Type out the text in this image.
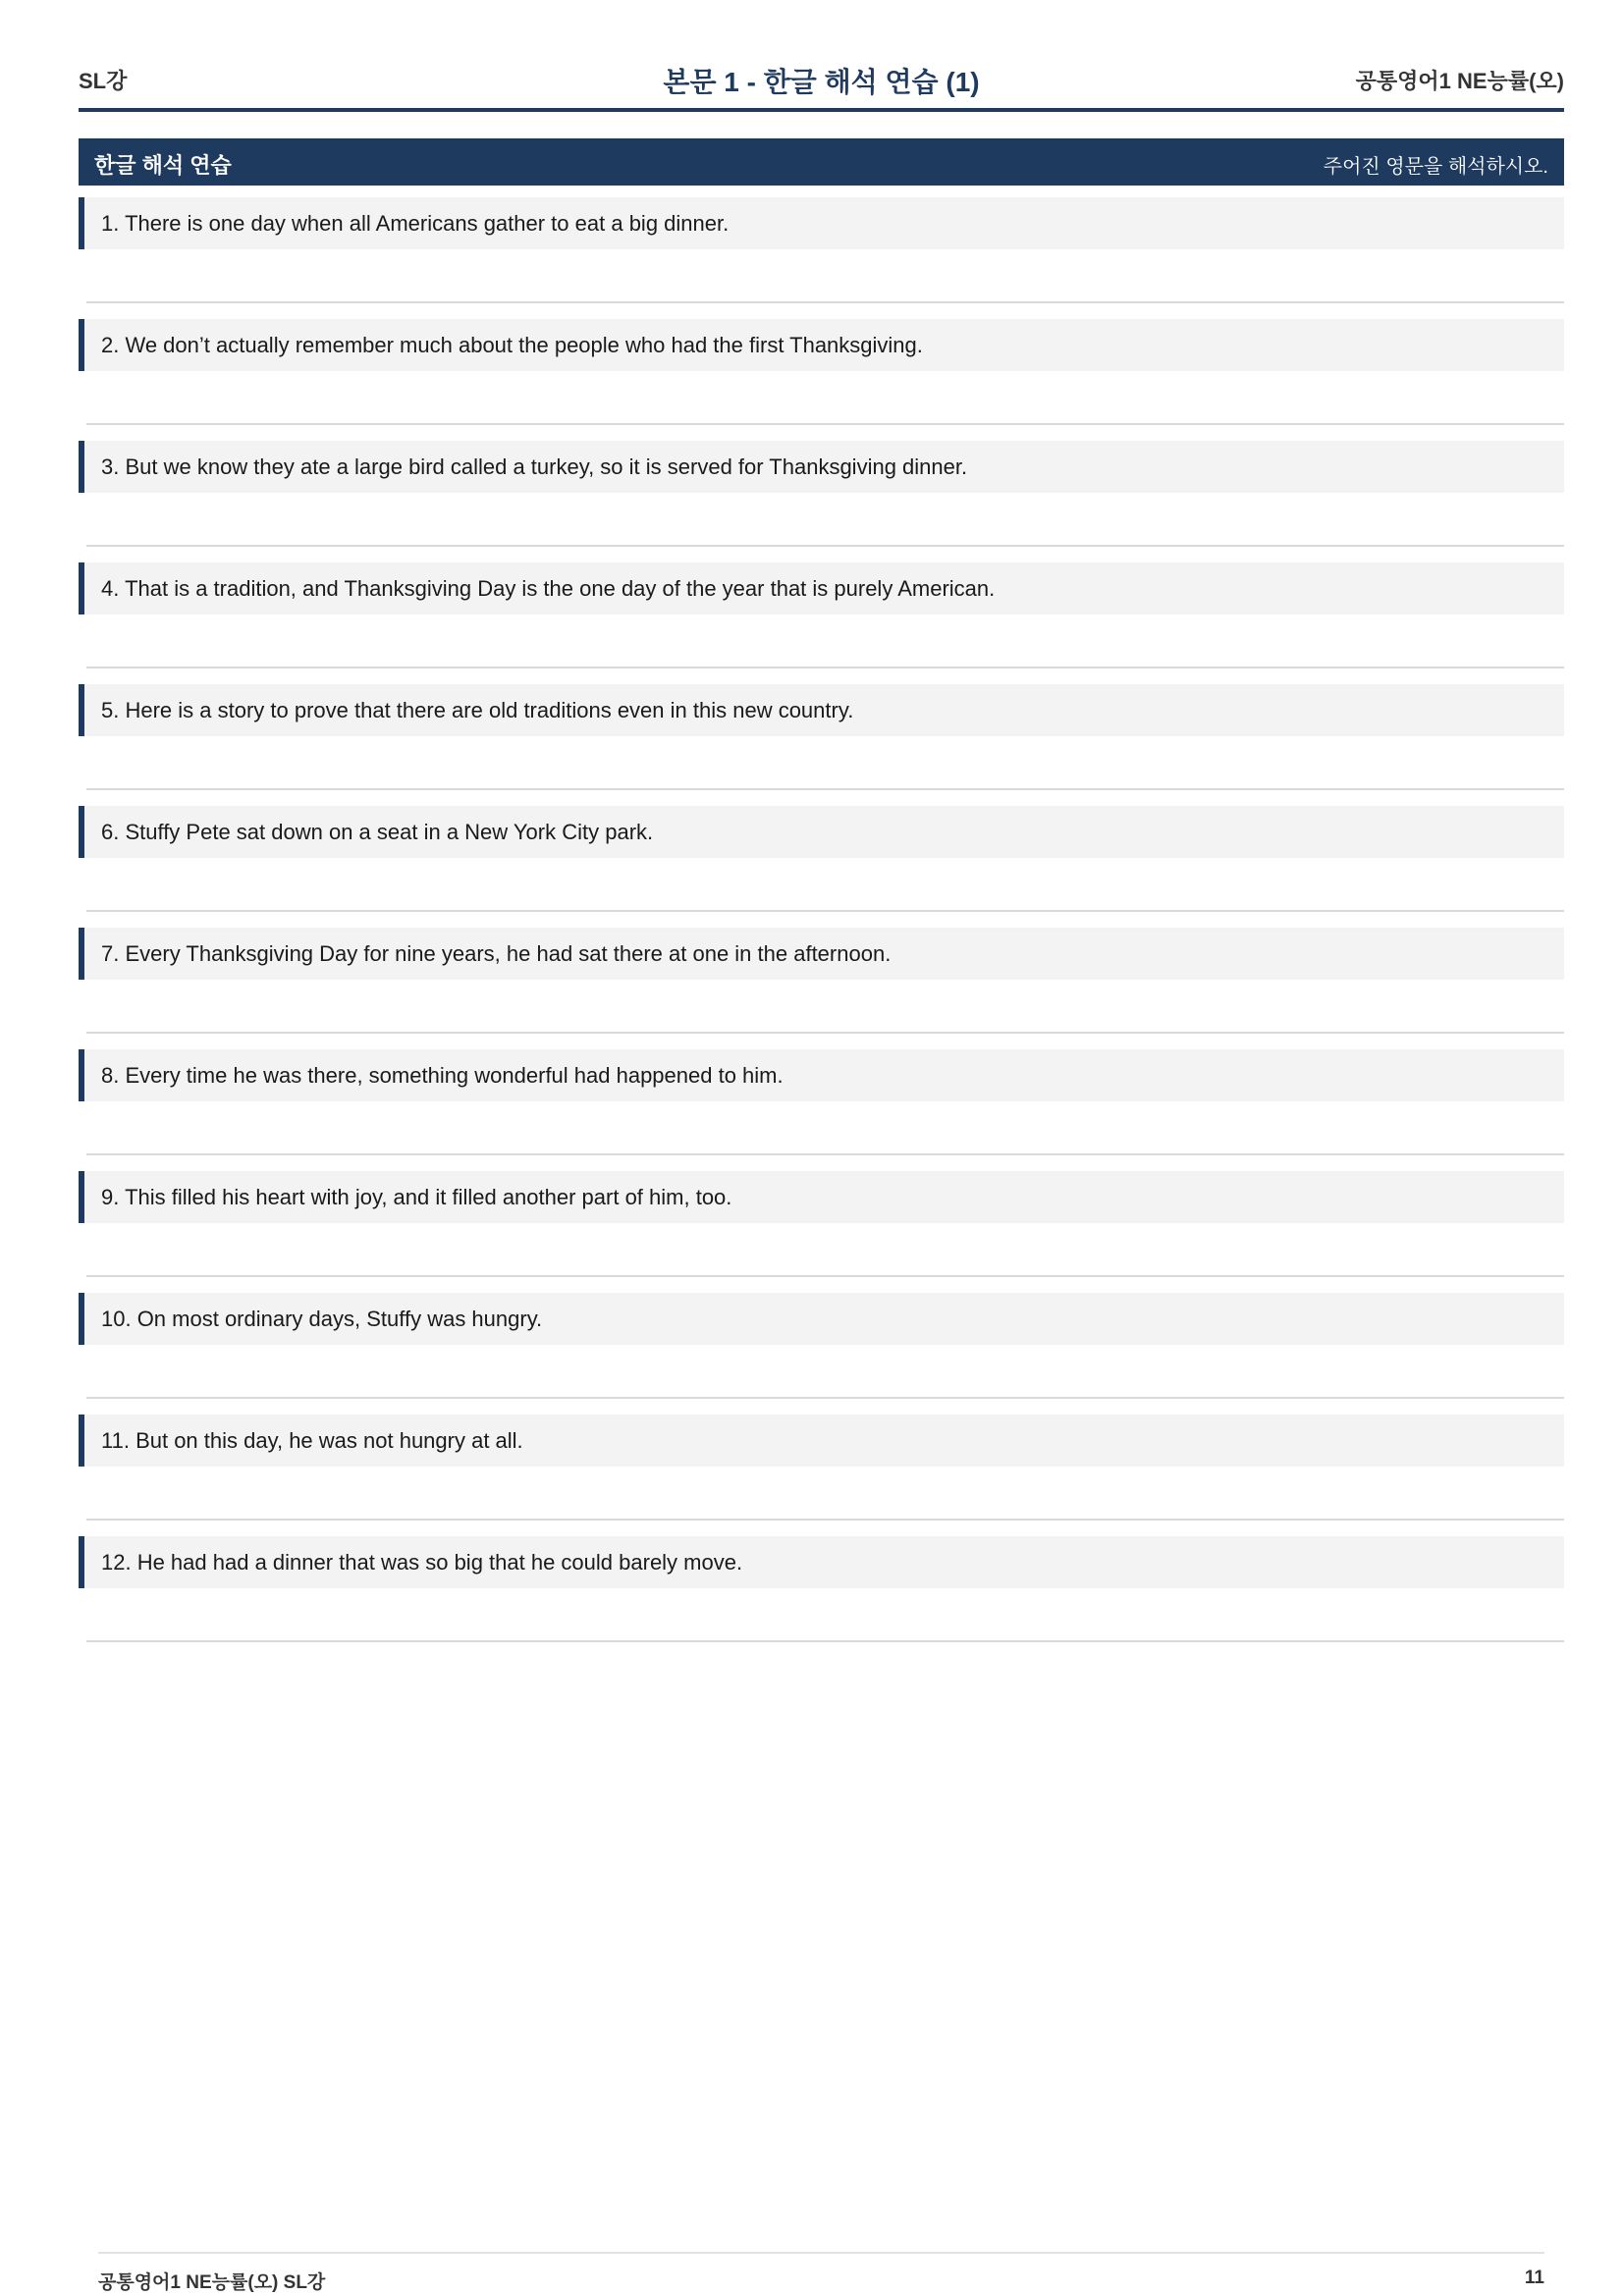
SL강	본문 1 - 한글 해석 연습 (1)	공통영어1 NE능률(오)
한글 해석 연습	주어진 영문을 해석하시오.
1. There is one day when all Americans gather to eat a big dinner.
2. We don’t actually remember much about the people who had the first Thanksgiving.
3. But we know they ate a large bird called a turkey, so it is served for Thanksgiving dinner.
4. That is a tradition, and Thanksgiving Day is the one day of the year that is purely American.
5. Here is a story to prove that there are old traditions even in this new country.
6. Stuffy Pete sat down on a seat in a New York City park.
7. Every Thanksgiving Day for nine years, he had sat there at one in the afternoon.
8. Every time he was there, something wonderful had happened to him.
9. This filled his heart with joy, and it filled another part of him, too.
10. On most ordinary days, Stuffy was hungry.
11. But on this day, he was not hungry at all.
12. He had had a dinner that was so big that he could barely move.
공통영어1 NE능률(오) SL강	11
